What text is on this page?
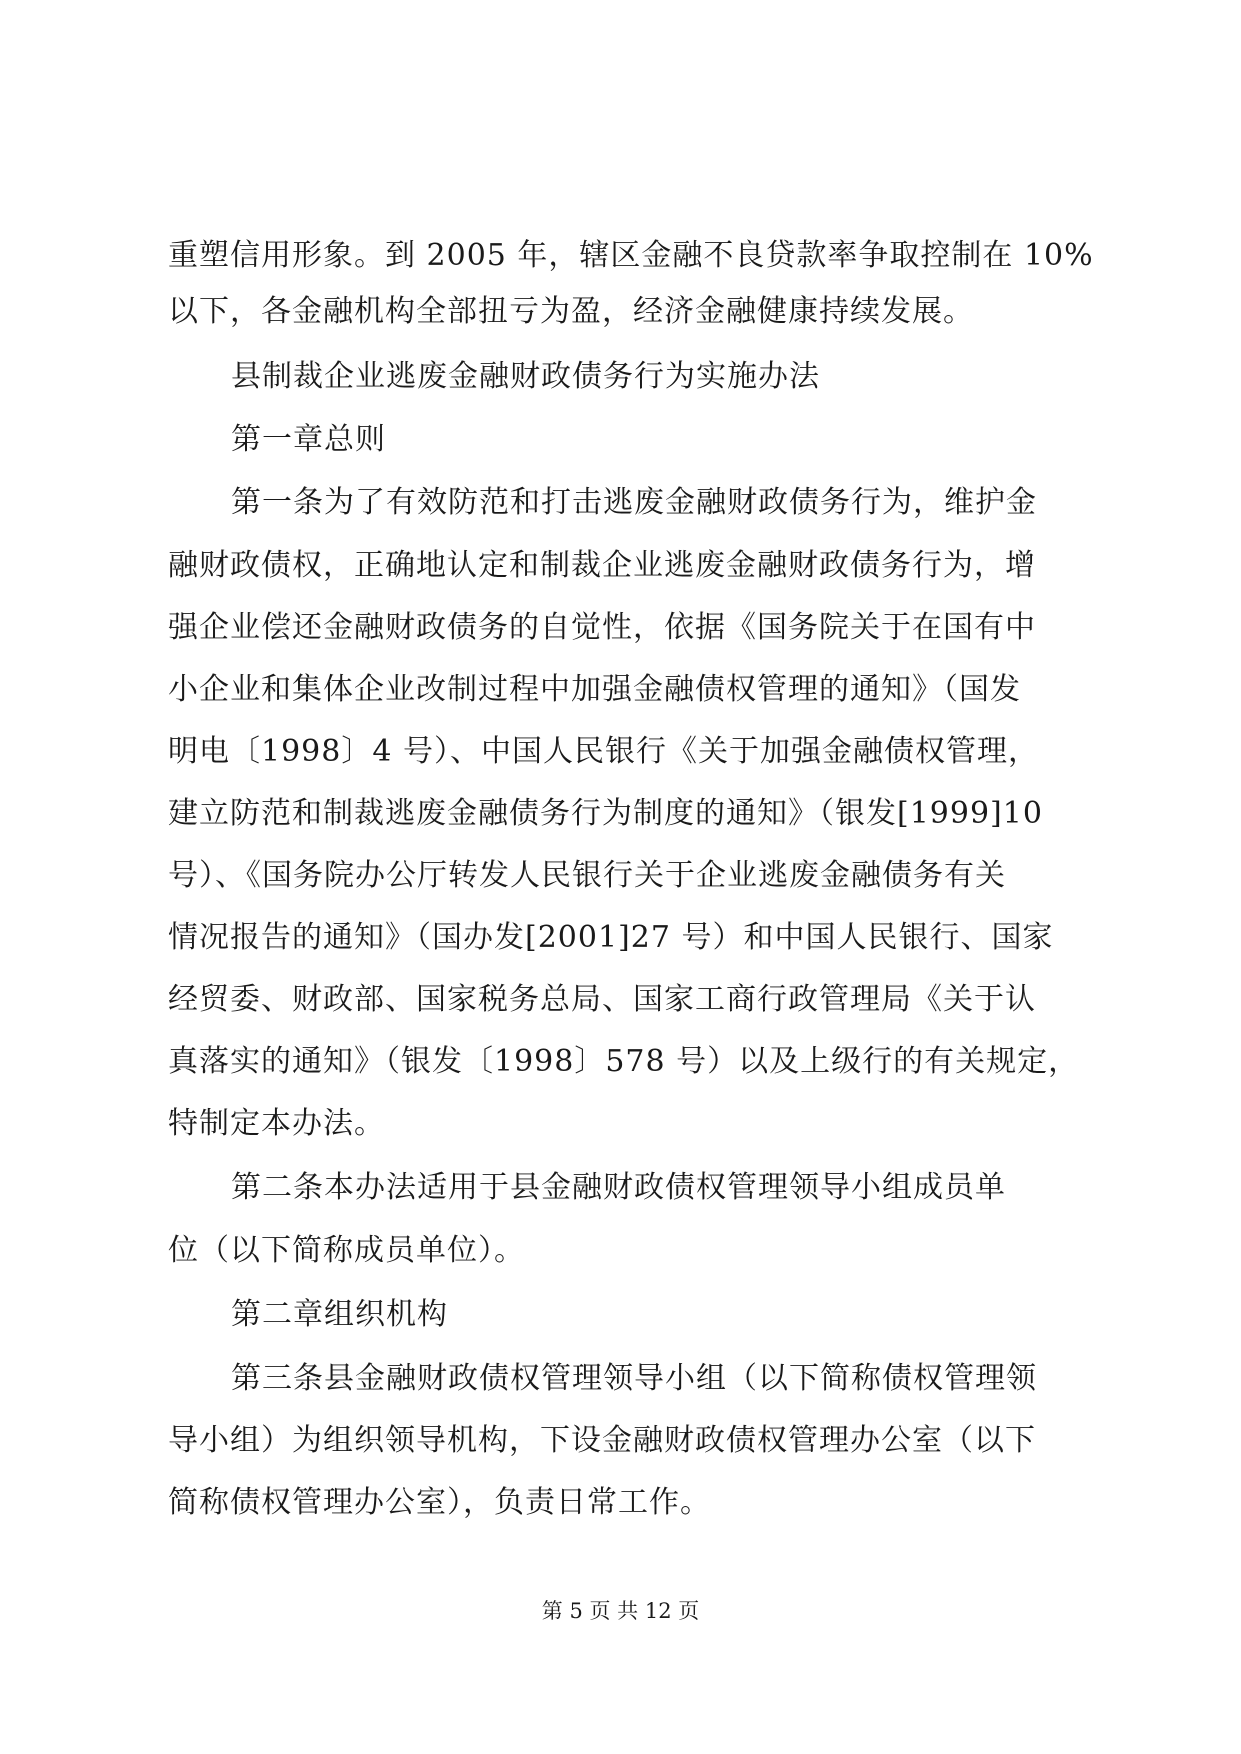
重塑信用形象。到 2005 年，辖区金融不良贷款率争取控制在 10%
以下，各金融机构全部扭亏为盈，经济金融健康持续发展。
县制裁企业逃废金融财政债务行为实施办法
第一章总则
第一条为了有效防范和打击逃废金融财政债务行为，维护金
融财政债权，正确地认定和制裁企业逃废金融财政债务行为，增
强企业偿还金融财政债务的自觉性，依据《国务院关于在国有中
小企业和集体企业改制过程中加强金融债权管理的通知》（国发
明电〔1998〕4 号）、中国人民银行《关于加强金融债权管理，
建立防范和制裁逃废金融债务行为制度的通知》（银发[1999]10
号）、《国务院办公厅转发人民银行关于企业逃废金融债务有关
情况报告的通知》（国办发[2001]27 号）和中国人民银行、国家
经贸委、财政部、国家税务总局、国家工商行政管理局《关于认
真落实的通知》（银发〔1998〕578 号）以及上级行的有关规定，
特制定本办法。
第二条本办法适用于县金融财政债权管理领导小组成员单
位（以下简称成员单位）。
第二章组织机构
第三条县金融财政债权管理领导小组（以下简称债权管理领
导小组）为组织领导机构，下设金融财政债权管理办公室（以下
简称债权管理办公室），负责日常工作。
第 5 页 共 12 页
